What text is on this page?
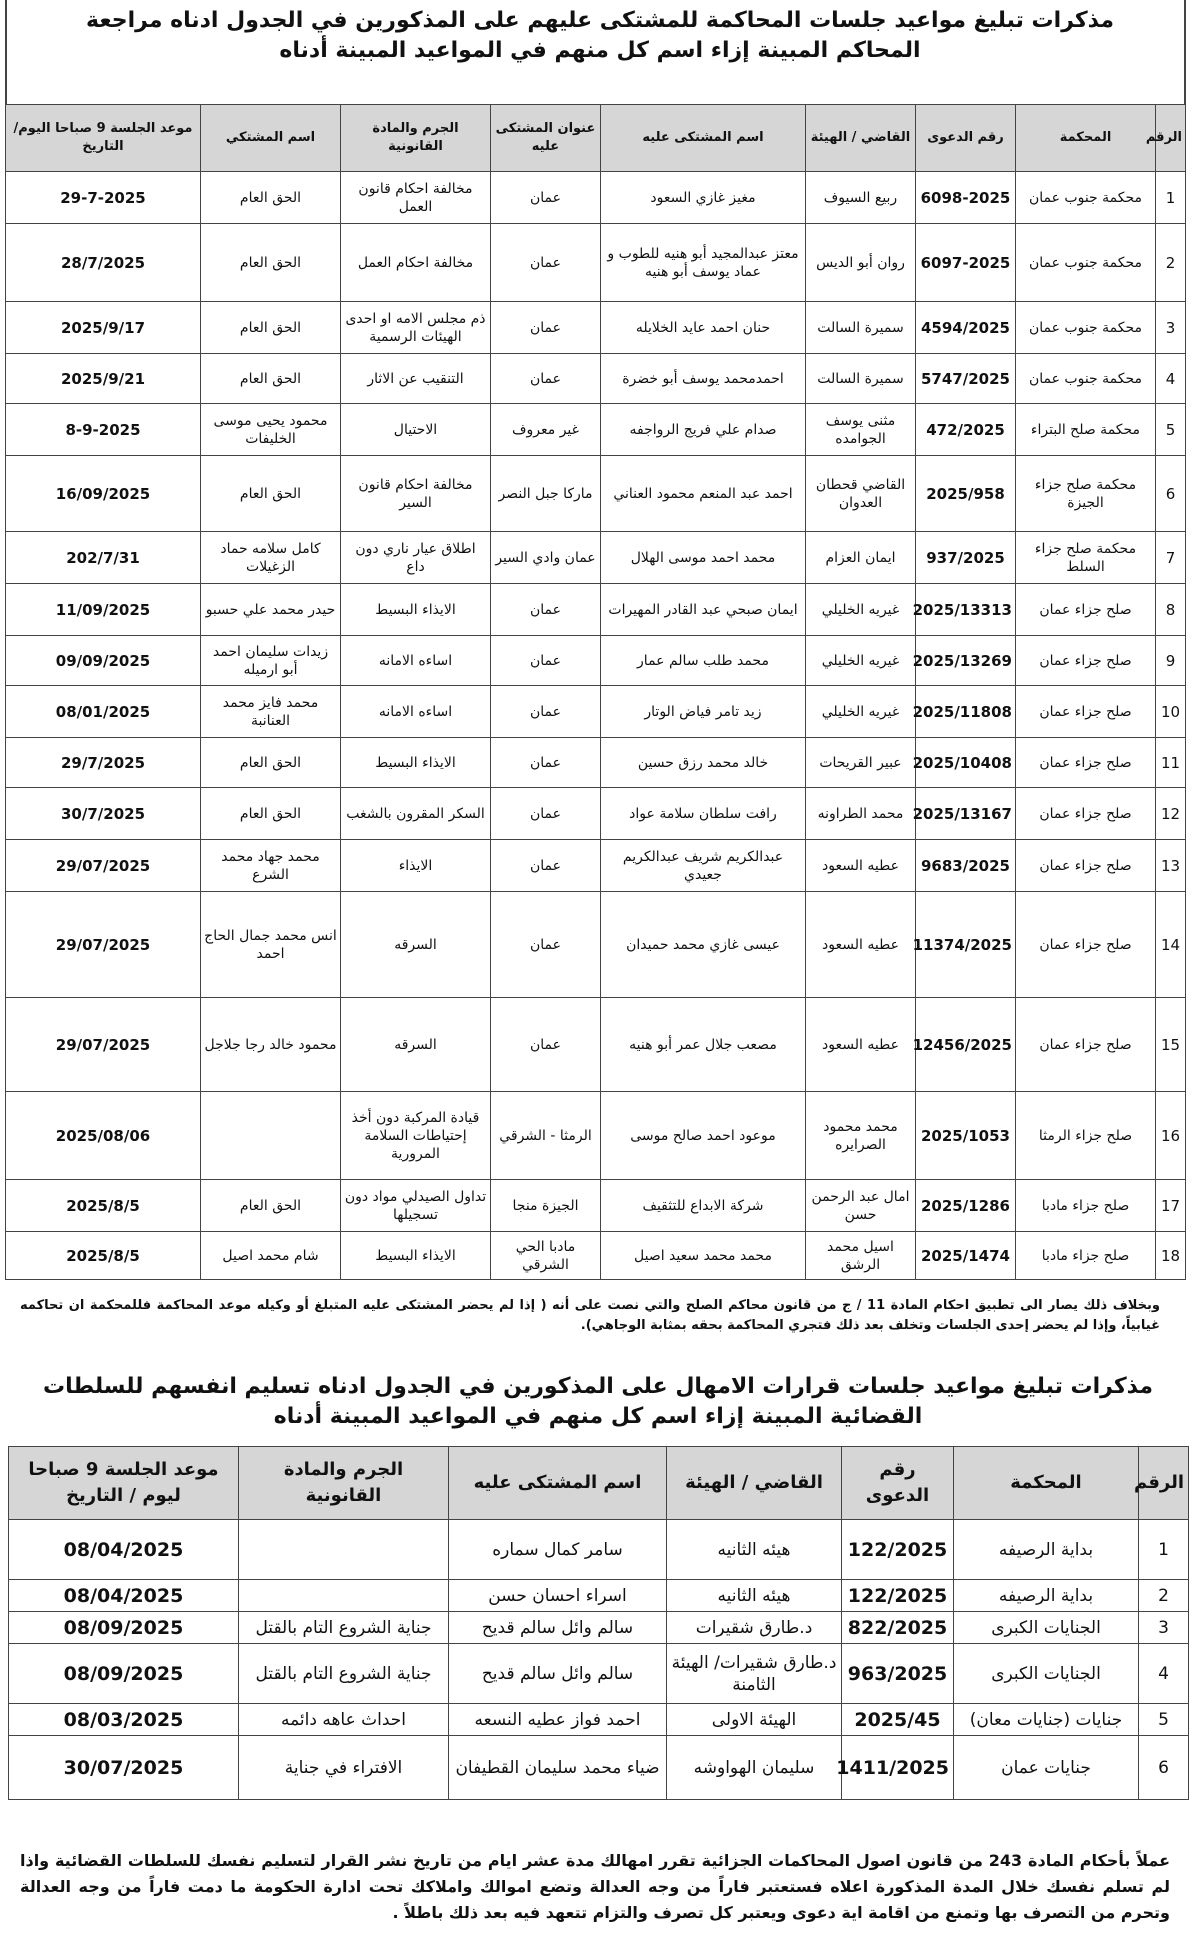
مذكرات تبليغ مواعيد جلسات المحاكمة للمشتكى عليهم على المذكورين في الجدول ادناه مراجعة المحاكم المبينة إزاء اسم كل منهم في المواعيد المبينة أدناه
الرقم	المحكمة	رقم الدعوى	القاضي / الهيئة	اسم المشتكى عليه	عنوان المشتكى عليه	الجرم والمادة القانونية	اسم المشتكي	موعد الجلسة 9 صباحا اليوم/التاريخ
1	محكمة جنوب عمان	6098-2025	ربيع السيوف	مغيز غازي السعود	عمان	مخالفة احكام قانون العمل	الحق العام	29-7-2025
2	محكمة جنوب عمان	6097-2025	روان أبو الديس	معتز عبدالمجيد أبو هنيه للطوب و عماد يوسف أبو هنيه	عمان	مخالفة احكام العمل	الحق العام	28/7/2025
3	محكمة جنوب عمان	4594/2025	سميرة السالت	حنان احمد عايد الخلايله	عمان	ذم مجلس الامه او احدى الهيئات الرسمية	الحق العام	2025/9/17
4	محكمة جنوب عمان	5747/2025	سميرة السالت	احمدمحمد يوسف أبو خضرة	عمان	التنقيب عن الاثار	الحق العام	2025/9/21
5	محكمة صلح البتراء	472/2025	مثنى يوسف الجوامده	صدام علي فريج الرواجفه	غير معروف	الاحتيال	محمود يحيى موسى الخليفات	8-9-2025
6	محكمة صلح جزاء الجيزة	2025/958	القاضي قحطان العدوان	احمد عبد المنعم محمود العناني	ماركا جبل النصر	مخالفة احكام قانون السير	الحق العام	16/09/2025
7	محكمة صلح جزاء السلط	937/2025	ايمان العزام	محمد احمد موسى الهلال	عمان وادي السير	اطلاق عيار ناري دون داع	كامل سلامه حماد الزغيلات	202/7/31
8	صلح جزاء عمان	2025/13313	غيريه الخليلي	ايمان صبحي عبد القادر المهيرات	عمان	الايذاء البسيط	حيدر محمد علي حسبو	11/09/2025
9	صلح جزاء عمان	2025/13269	غيريه الخليلي	محمد طلب سالم عمار	عمان	اساءه الامانه	زيدات سليمان احمد أبو ارميله	09/09/2025
10	صلح جزاء عمان	2025/11808	غيريه الخليلي	زيد تامر فياض الوتار	عمان	اساءه الامانه	محمد فايز محمد العنانبة	08/01/2025
11	صلح جزاء عمان	2025/10408	عبير القريحات	خالد محمد رزق حسين	عمان	الايذاء البسيط	الحق العام	29/7/2025
12	صلح جزاء عمان	2025/13167	محمد الطراونه	رافت سلطان سلامة عواد	عمان	السكر المقرون بالشغب	الحق العام	30/7/2025
13	صلح جزاء عمان	9683/2025	عطيه السعود	عبدالكريم شريف عبدالكريم جعيدي	عمان	الايذاء	محمد جهاد محمد الشرع	29/07/2025
14	صلح جزاء عمان	11374/2025	عطيه السعود	عيسى غازي محمد حميدان	عمان	السرقه	انس محمد جمال الحاج احمد	29/07/2025
15	صلح جزاء عمان	12456/2025	عطيه السعود	مصعب جلال عمر أبو هنيه	عمان	السرقه	محمود خالد رجا جلاجل	29/07/2025
16	صلح جزاء الرمثا	2025/1053	محمد محمود الصرايره	موعود احمد صالح موسى	الرمثا - الشرقي	قيادة المركبة دون أخذ إحتياطات السلامة المرورية		2025/08/06
17	صلح جزاء مادبا	2025/1286	امال عبد الرحمن حسن	شركة الابداع للتثقيف	الجيزة منجا	تداول الصيدلي مواد دون تسجيلها	الحق العام	2025/8/5
18	صلح جزاء مادبا	2025/1474	اسيل محمد الرشق	محمد محمد سعيد اصيل	مادبا الحي الشرقي	الايذاء البسيط	شام محمد اصيل	2025/8/5
وبخلاف ذلك يصار الى تطبيق احكام المادة 11 / ج من قانون محاكم الصلح والتي نصت على أنه ( إذا لم يحضر المشتكى عليه المتبلغ أو وكيله موعد المحاكمة فللمحكمة ان تحاكمه غيابياً، وإذا لم يحضر إحدى الجلسات وتخلف بعد ذلك فتجري المحاكمة بحقه بمثابة الوجاهي).
مذكرات تبليغ مواعيد جلسات قرارات الامهال على المذكورين في الجدول ادناه تسليم انفسهم للسلطات القضائية المبينة إزاء اسم كل منهم في المواعيد المبينة أدناه
الرقم	المحكمة	رقم الدعوى	القاضي / الهيئة	اسم المشتكى عليه	الجرم والمادة القانونية	موعد الجلسة 9 صباحا ليوم / التاريخ
1	بداية الرصيفه	122/2025	هيئه الثانيه	سامر كمال سماره		08/04/2025
2	بداية الرصيفه	122/2025	هيئه الثانيه	اسراء احسان حسن		08/04/2025
3	الجنايات الكبرى	822/2025	د.طارق شقيرات	سالم وائل سالم قديح	جناية الشروع التام بالقتل	08/09/2025
4	الجنايات الكبرى	963/2025	د.طارق شقيرات/ الهيئة الثامنة	سالم وائل سالم قديح	جناية الشروع التام بالقتل	08/09/2025
5	جنايات (جنايات معان)	2025/45	الهيئة الاولى	احمد فواز عطيه النسعه	احداث عاهه دائمه	08/03/2025
6	جنايات عمان	1411/2025	سليمان الهواوشه	ضياء محمد سليمان القطيفان	الافتراء في جناية	30/07/2025
عملاً بأحكام المادة 243 من قانون اصول المحاكمات الجزائية تقرر امهالك مدة عشر ايام من تاريخ نشر القرار لتسليم نفسك للسلطات القضائية واذا لم تسلم نفسك خلال المدة المذكورة اعلاه فستعتبر فاراً من وجه العدالة وتضع اموالك واملاكك تحت ادارة الحكومة ما دمت فاراً من وجه العدالة وتحرم من التصرف بها وتمنع من اقامة اية دعوى ويعتبر كل تصرف والتزام تتعهد فيه بعد ذلك باطلاً .
